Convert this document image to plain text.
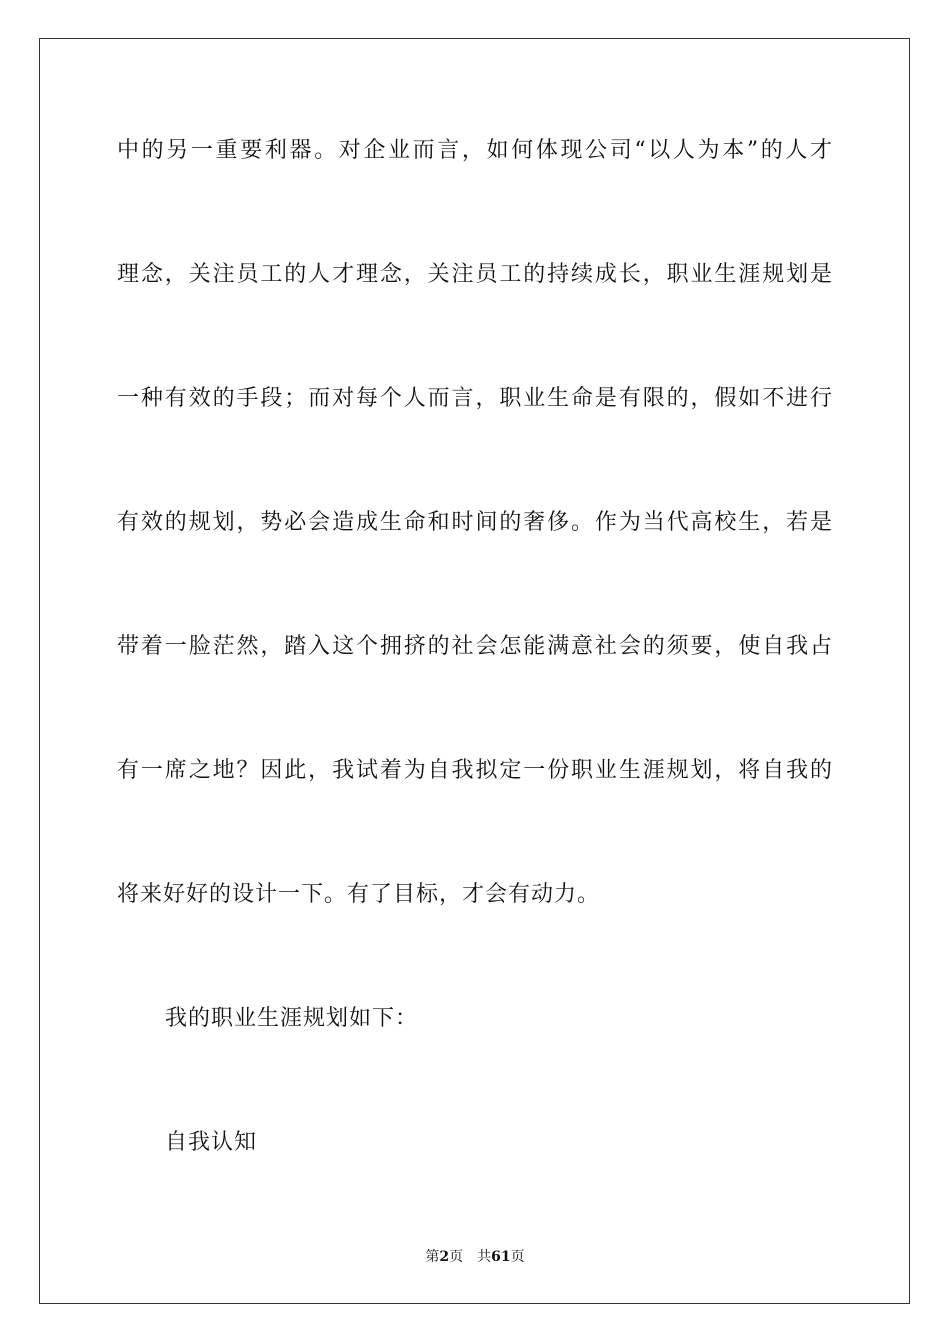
中的另一重要利器。对企业而言，如何体现公司“以人为本”的人才
理念，关注员工的人才理念，关注员工的持续成长，职业生涯规划是
一种有效的手段；而对每个人而言，职业生命是有限的，假如不进行
有效的规划，势必会造成生命和时间的奢侈。作为当代高校生，若是
带着一脸茫然，踏入这个拥挤的社会怎能满意社会的须要，使自我占
有一席之地？因此，我试着为自我拟定一份职业生涯规划，将自我的
将来好好的设计一下。有了目标，才会有动力。
我的职业生涯规划如下：
自我认知
第2页 共61页
